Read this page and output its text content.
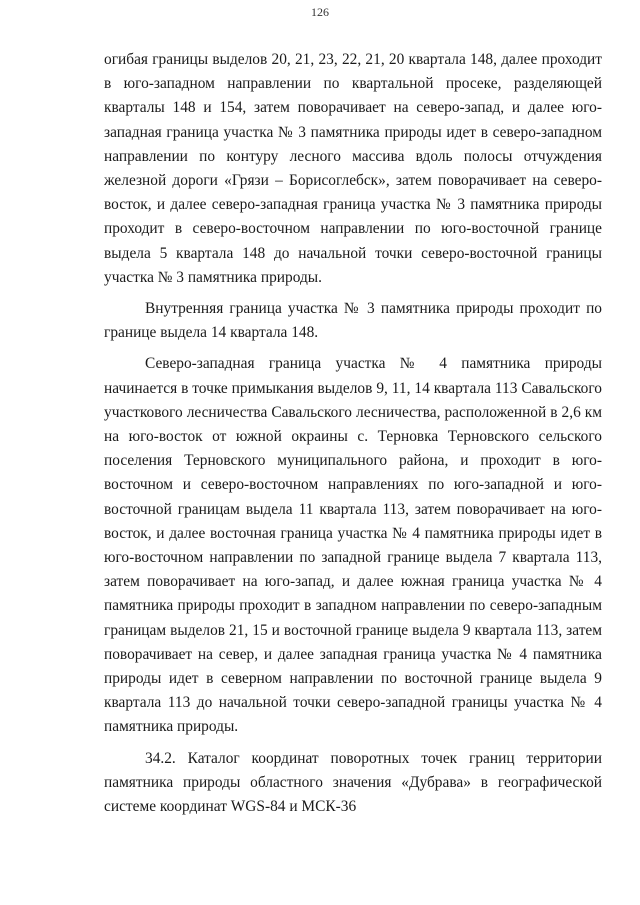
126

огибая границы выделов 20, 21, 23, 22, 21, 20 квартала 148, далее проходит в юго-западном направлении по квартальной просеке, разделяющей кварталы 148 и 154, затем поворачивает на северо-запад, и далее юго-западная граница участка № 3 памятника природы идет в северо-западном направлении по контуру лесного массива вдоль полосы отчуждения железной дороги «Грязи – Борисоглебск», затем поворачивает на северо-восток, и далее северо-западная граница участка № 3 памятника природы проходит в северо-восточном направлении по юго-восточной границе выдела 5 квартала 148 до начальной точки северо-восточной границы участка № 3 памятника природы.

Внутренняя граница участка № 3 памятника природы проходит по границе выдела 14 квартала 148.

Северо-западная граница участка № 4 памятника природы начинается в точке примыкания выделов 9, 11, 14 квартала 113 Савальского участкового лесничества Савальского лесничества, расположенной в 2,6 км на юго-восток от южной окраины с. Терновка Терновского сельского поселения Терновского муниципального района, и проходит в юго-восточном и северо-восточном направлениях по юго-западной и юго-восточной границам выдела 11 квартала 113, затем поворачивает на юго-восток, и далее восточная граница участка № 4 памятника природы идет в юго-восточном направлении по западной границе выдела 7 квартала 113, затем поворачивает на юго-запад, и далее южная граница участка № 4 памятника природы проходит в западном направлении по северо-западным границам выделов 21, 15 и восточной границе выдела 9 квартала 113, затем поворачивает на север, и далее западная граница участка № 4 памятника природы идет в северном направлении по восточной границе выдела 9 квартала 113 до начальной точки северо-западной границы участка № 4 памятника природы.

34.2. Каталог координат поворотных точек границ территории памятника природы областного значения «Дубрава» в географической системе координат WGS-84 и МСК-36
